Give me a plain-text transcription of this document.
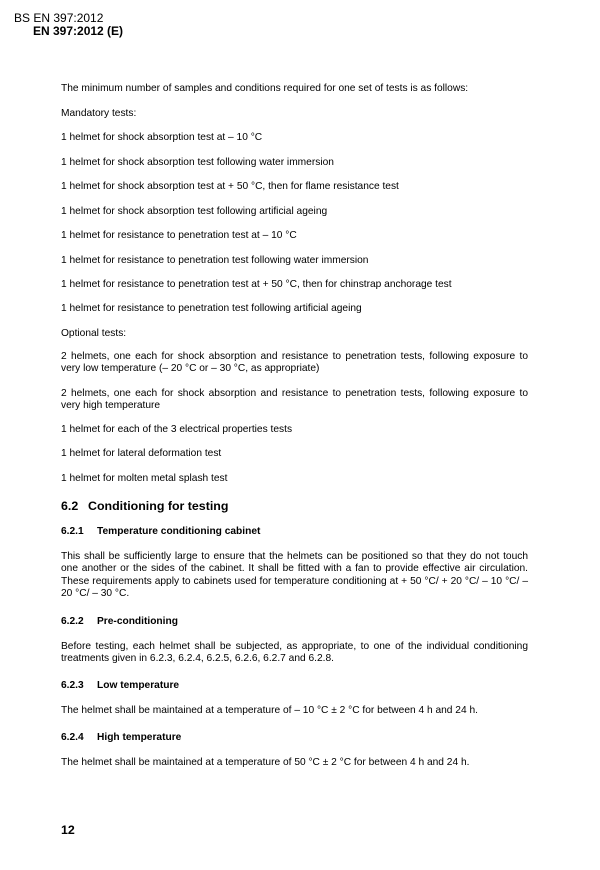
BS EN 397:2012
EN 397:2012 (E)

The minimum number of samples and conditions required for one set of tests is as follows:

Mandatory tests:

1 helmet for shock absorption test at – 10 °C

1 helmet for shock absorption test following water immersion

1 helmet for shock absorption test at + 50 °C, then for flame resistance test

1 helmet for shock absorption test following artificial ageing

1 helmet for resistance to penetration test at – 10 °C

1 helmet for resistance to penetration test following water immersion

1 helmet for resistance to penetration test at + 50 °C, then for chinstrap anchorage test

1 helmet for resistance to penetration test following artificial ageing

Optional tests:

2 helmets, one each for shock absorption and resistance to penetration tests, following exposure to very low temperature (– 20 °C or – 30 °C, as appropriate)

2 helmets, one each for shock absorption and resistance to penetration tests, following exposure to very high temperature

1 helmet for each of the 3 electrical properties tests

1 helmet for lateral deformation test

1 helmet for molten metal splash test

6.2 Conditioning for testing
6.2.1 Temperature conditioning cabinet

This shall be sufficiently large to ensure that the helmets can be positioned so that they do not touch one another or the sides of the cabinet. It shall be fitted with a fan to provide effective air circulation. These requirements apply to cabinets used for temperature conditioning at + 50 °C/ + 20 °C/ – 10 °C/ – 20 °C/ – 30 °C.

6.2.2 Pre-conditioning

Before testing, each helmet shall be subjected, as appropriate, to one of the individual conditioning treatments given in 6.2.3, 6.2.4, 6.2.5, 6.2.6, 6.2.7 and 6.2.8.

6.2.3 Low temperature

The helmet shall be maintained at a temperature of – 10 °C ± 2 °C for between 4 h and 24 h.

6.2.4 High temperature

The helmet shall be maintained at a temperature of 50 °C ± 2 °C for between 4 h and 24 h.

12
